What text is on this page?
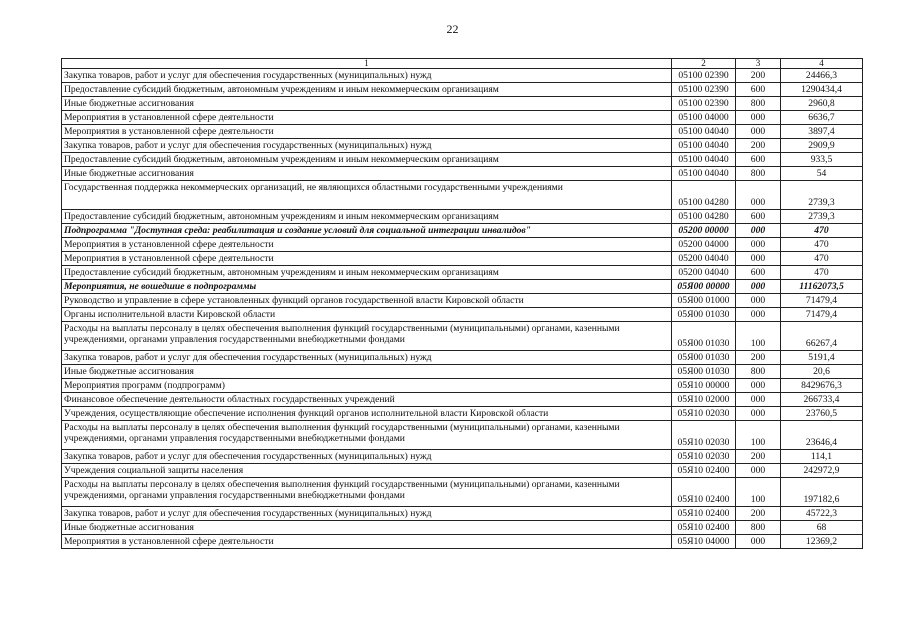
22
1	2	3	4
Закупка товаров, работ и услуг для обеспечения государственных (муниципальных) нужд	05100 02390	200	24466,3
Предоставление субсидий бюджетным, автономным учреждениям и иным некоммерческим организациям	05100 02390	600	1290434,4
Иные бюджетные ассигнования	05100 02390	800	2960,8
Мероприятия в установленной сфере деятельности	05100 04000	000	6636,7
Мероприятия в установленной сфере деятельности	05100 04040	000	3897,4
Закупка товаров, работ и услуг для обеспечения государственных (муниципальных) нужд	05100 04040	200	2909,9
Предоставление субсидий бюджетным, автономным учреждениям и иным некоммерческим организациям	05100 04040	600	933,5
Иные бюджетные ассигнования	05100 04040	800	54
Государственная поддержка некоммерческих организаций, не являющихся областными государственными учреждениями	05100 04280	000	2739,3
Предоставление субсидий бюджетным, автономным учреждениям и иным некоммерческим организациям	05100 04280	600	2739,3
Подпрограмма "Доступная среда: реабилитация и создание условий для социальной интеграции инвалидов"	05200 00000	000	470
Мероприятия в установленной сфере деятельности	05200 04000	000	470
Мероприятия в установленной сфере деятельности	05200 04040	000	470
Предоставление субсидий бюджетным, автономным учреждениям и иным некоммерческим организациям	05200 04040	600	470
Мероприятия, не вошедшие в подпрограммы	05Я00 00000	000	11162073,5
Руководство и управление в сфере установленных функций органов государственной власти Кировской области	05Я00 01000	000	71479,4
Органы исполнительной власти Кировской области	05Я00 01030	000	71479,4
Расходы на выплаты персоналу в целях обеспечения выполнения функций государственными (муниципальными) органами, казенными учреждениями, органами управления государственными внебюджетными фондами	05Я00 01030	100	66267,4
Закупка товаров, работ и услуг для обеспечения государственных (муниципальных) нужд	05Я00 01030	200	5191,4
Иные бюджетные ассигнования	05Я00 01030	800	20,6
Мероприятия программ (подпрограмм)	05Я10 00000	000	8429676,3
Финансовое обеспечение деятельности областных государственных учреждений	05Я10 02000	000	266733,4
Учреждения, осуществляющие обеспечение исполнения функций органов исполнительной власти Кировской области	05Я10 02030	000	23760,5
Расходы на выплаты персоналу в целях обеспечения выполнения функций государственными (муниципальными) органами, казенными учреждениями, органами управления государственными внебюджетными фондами	05Я10 02030	100	23646,4
Закупка товаров, работ и услуг для обеспечения государственных (муниципальных) нужд	05Я10 02030	200	114,1
Учреждения социальной защиты населения	05Я10 02400	000	242972,9
Расходы на выплаты персоналу в целях обеспечения выполнения функций государственными (муниципальными) органами, казенными учреждениями, органами управления государственными внебюджетными фондами	05Я10 02400	100	197182,6
Закупка товаров, работ и услуг для обеспечения государственных (муниципальных) нужд	05Я10 02400	200	45722,3
Иные бюджетные ассигнования	05Я10 02400	800	68
Мероприятия в установленной сфере деятельности	05Я10 04000	000	12369,2
